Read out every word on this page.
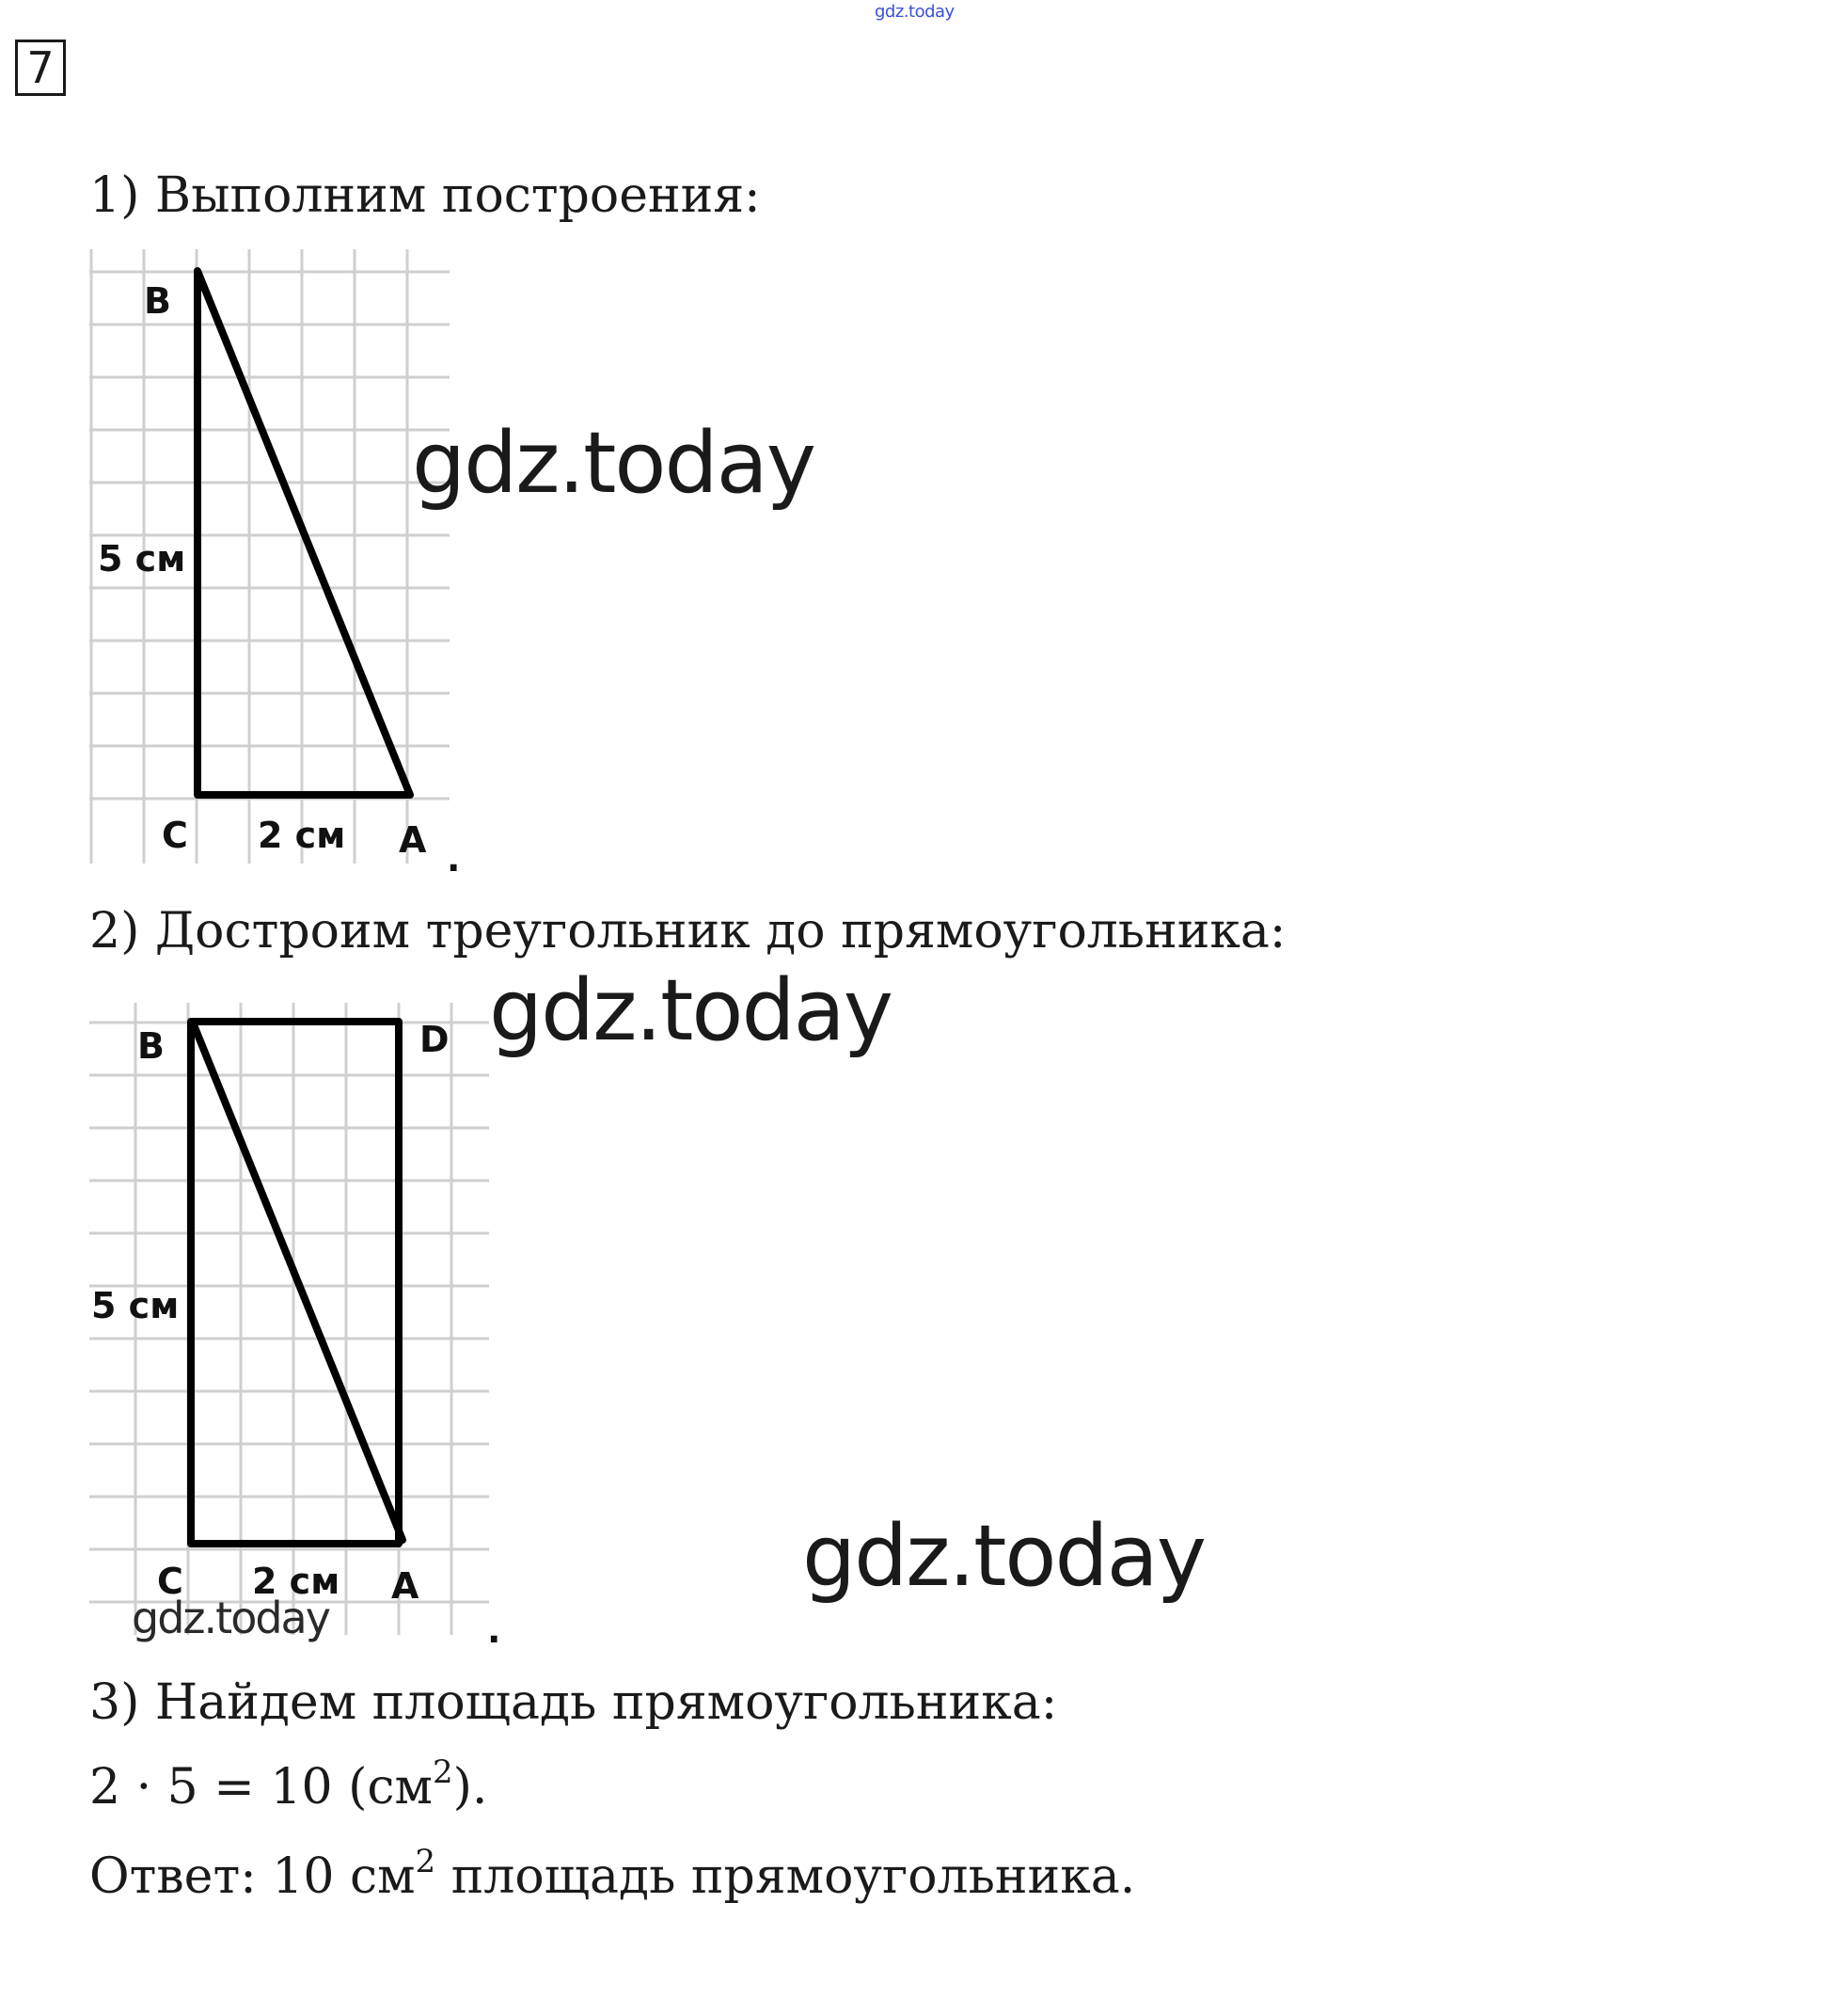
gdz.today
7
1) Выполним построения:
B
5 см
C 2 см A .
B	D
5 см
C 2 см A
.
2) Достроим треугольник до прямоугольника:
3) Найдем площадь прямоугольника:
2 · 5 = 10 $(см^2)$.
Ответ: 10 $см^2$ площадь прямоугольника.
gdz.today
gdz.today
gdz.today
gdz.today
